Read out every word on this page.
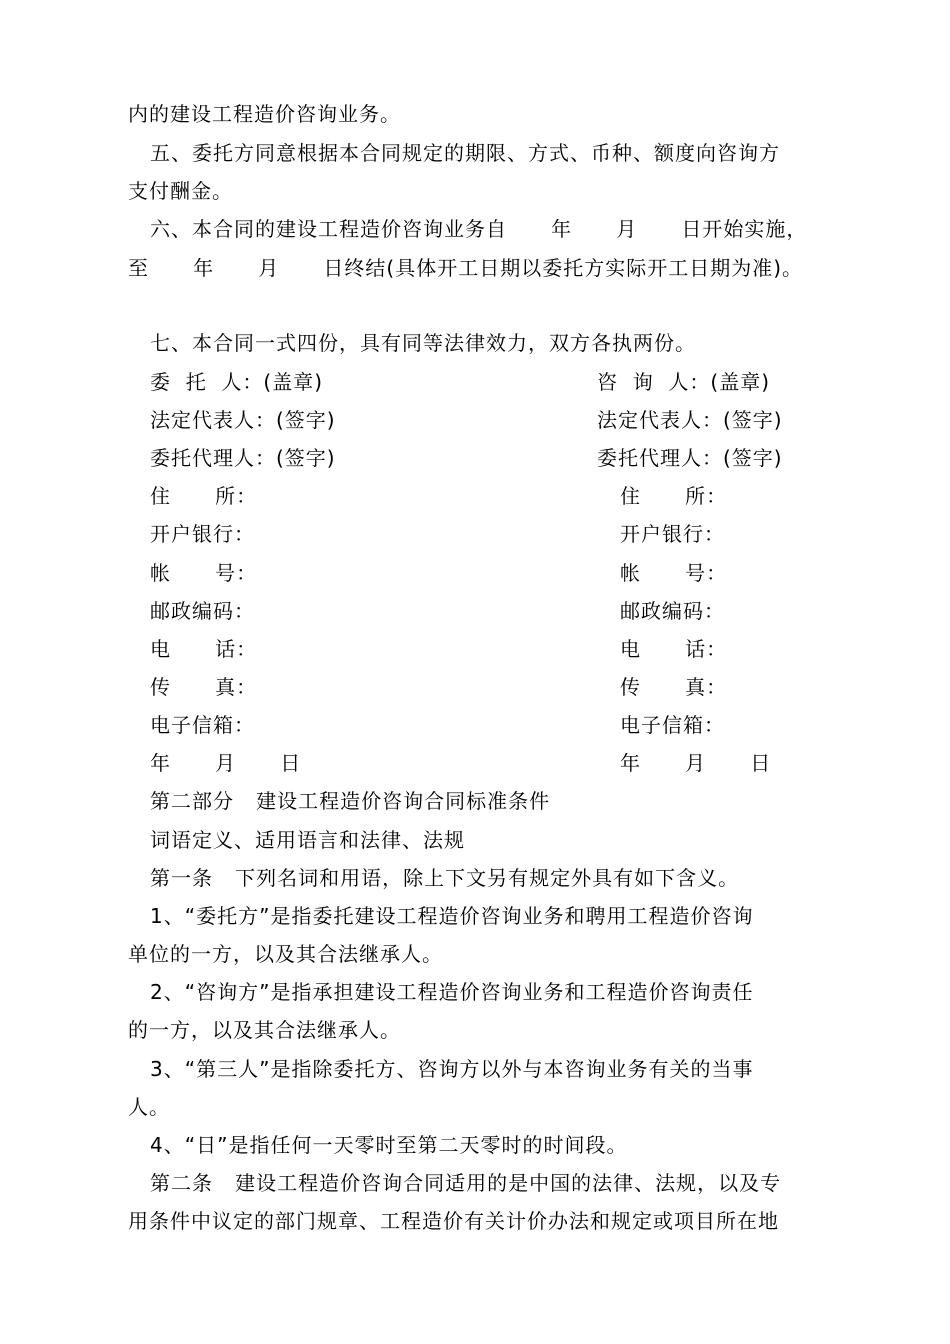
内的建设工程造价咨询业务。
五、委托方同意根据本合同规定的期限、方式、币种、额度向咨询方
支付酬金。
六、本合同的建设工程造价咨询业务自      年      月      日开始实施，
至      年      月      日终结(具体开工日期以委托方实际开工日期为准)。
七、本合同一式四份，具有同等法律效力，双方各执两份。
委  托  人：(盖章)	咨  询  人：(盖章)
法定代表人：(签字)	法定代表人：(签字)
委托代理人：(签字)	委托代理人：(签字)
住      所：	住      所：
开户银行：	开户银行：
帐      号：	帐      号：
邮政编码：	邮政编码：
电      话：	电      话：
传      真：	传      真：
电子信箱：	电子信箱：
年      月      日	年      月      日
第二部分   建设工程造价咨询合同标准条件
词语定义、适用语言和法律、法规
第一条   下列名词和用语，除上下文另有规定外具有如下含义。
1、“委托方”是指委托建设工程造价咨询业务和聘用工程造价咨询
单位的一方，以及其合法继承人。
2、“咨询方”是指承担建设工程造价咨询业务和工程造价咨询责任
的一方，以及其合法继承人。
3、“第三人”是指除委托方、咨询方以外与本咨询业务有关的当事
人。
4、“日”是指任何一天零时至第二天零时的时间段。
第二条   建设工程造价咨询合同适用的是中国的法律、法规，以及专
用条件中议定的部门规章、工程造价有关计价办法和规定或项目所在地
